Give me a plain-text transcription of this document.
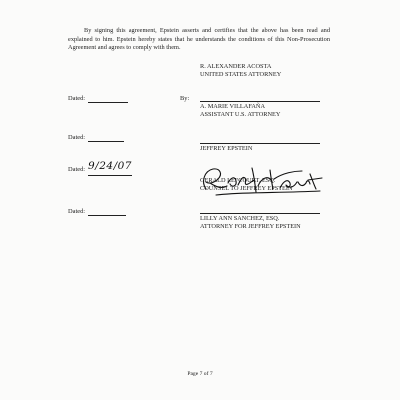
By signing this agreement, Epstein asserts and certifies that the above has been read and explained to him. Epstein hereby states that he understands the conditions of this Non-Prosecution Agreement and agrees to comply with them.
R. ALEXANDER ACOSTA
UNITED STATES ATTORNEY
Dated:	By:
A. MARIE VILLAFAÑA
ASSISTANT U.S. ATTORNEY
Dated:
JEFFREY EPSTEIN
Dated: 9/24/07
GERALD LEFCOURT, ESQ.
COUNSEL TO JEFFREY EPSTEIN
Dated:
LILLY ANN SANCHEZ, ESQ.
ATTORNEY FOR JEFFREY EPSTEIN
Page 7 of 7
